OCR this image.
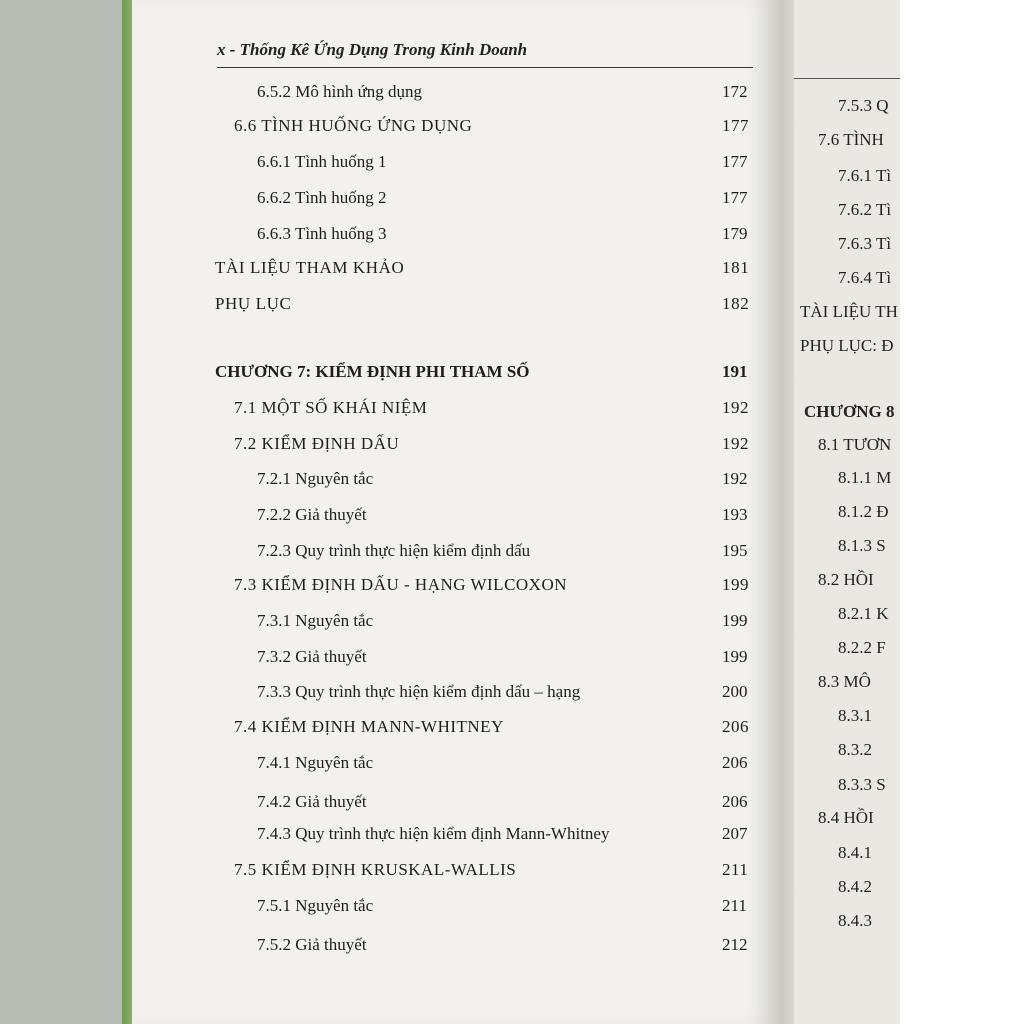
x - Thống Kê Ứng Dụng Trong Kinh Doanh
6.5.2 Mô hình ứng dụng	172
6.6 TÌNH HUỐNG ỨNG DỤNG	177
6.6.1 Tình huống 1	177
6.6.2 Tình huống 2	177
6.6.3 Tình huống 3	179
TÀI LIỆU THAM KHẢO	181
PHỤ LỤC	182
CHƯƠNG 7: KIỂM ĐỊNH PHI THAM SỐ	191
7.1 MỘT SỐ KHÁI NIỆM	192
7.2 KIỂM ĐỊNH DẤU	192
7.2.1 Nguyên tắc	192
7.2.2 Giả thuyết	193
7.2.3 Quy trình thực hiện kiểm định dấu	195
7.3 KIỂM ĐỊNH DẤU - HẠNG WILCOXON	199
7.3.1 Nguyên tắc	199
7.3.2 Giả thuyết	199
7.3.3 Quy trình thực hiện kiểm định dấu – hạng	200
7.4 KIỂM ĐỊNH MANN-WHITNEY	206
7.4.1 Nguyên tắc	206
7.4.2 Giả thuyết	206
7.4.3 Quy trình thực hiện kiểm định Mann-Whitney	207
7.5 KIỂM ĐỊNH KRUSKAL-WALLIS	211
7.5.1 Nguyên tắc	211
7.5.2 Giả thuyết	212
7.5.3 Q
7.6 TÌNH
7.6.1 Tì
7.6.2 Tì
7.6.3 Tì
7.6.4 Tì
TÀI LIỆU TH
PHỤ LỤC: Đ
CHƯƠNG 8
8.1 TƯƠN
8.1.1 M
8.1.2 Đ
8.1.3 S
8.2 HỒI
8.2.1 K
8.2.2 F
8.3 MÔ
8.3.1
8.3.2
8.3.3 S
8.4 HỒI
8.4.1
8.4.2
8.4.3
